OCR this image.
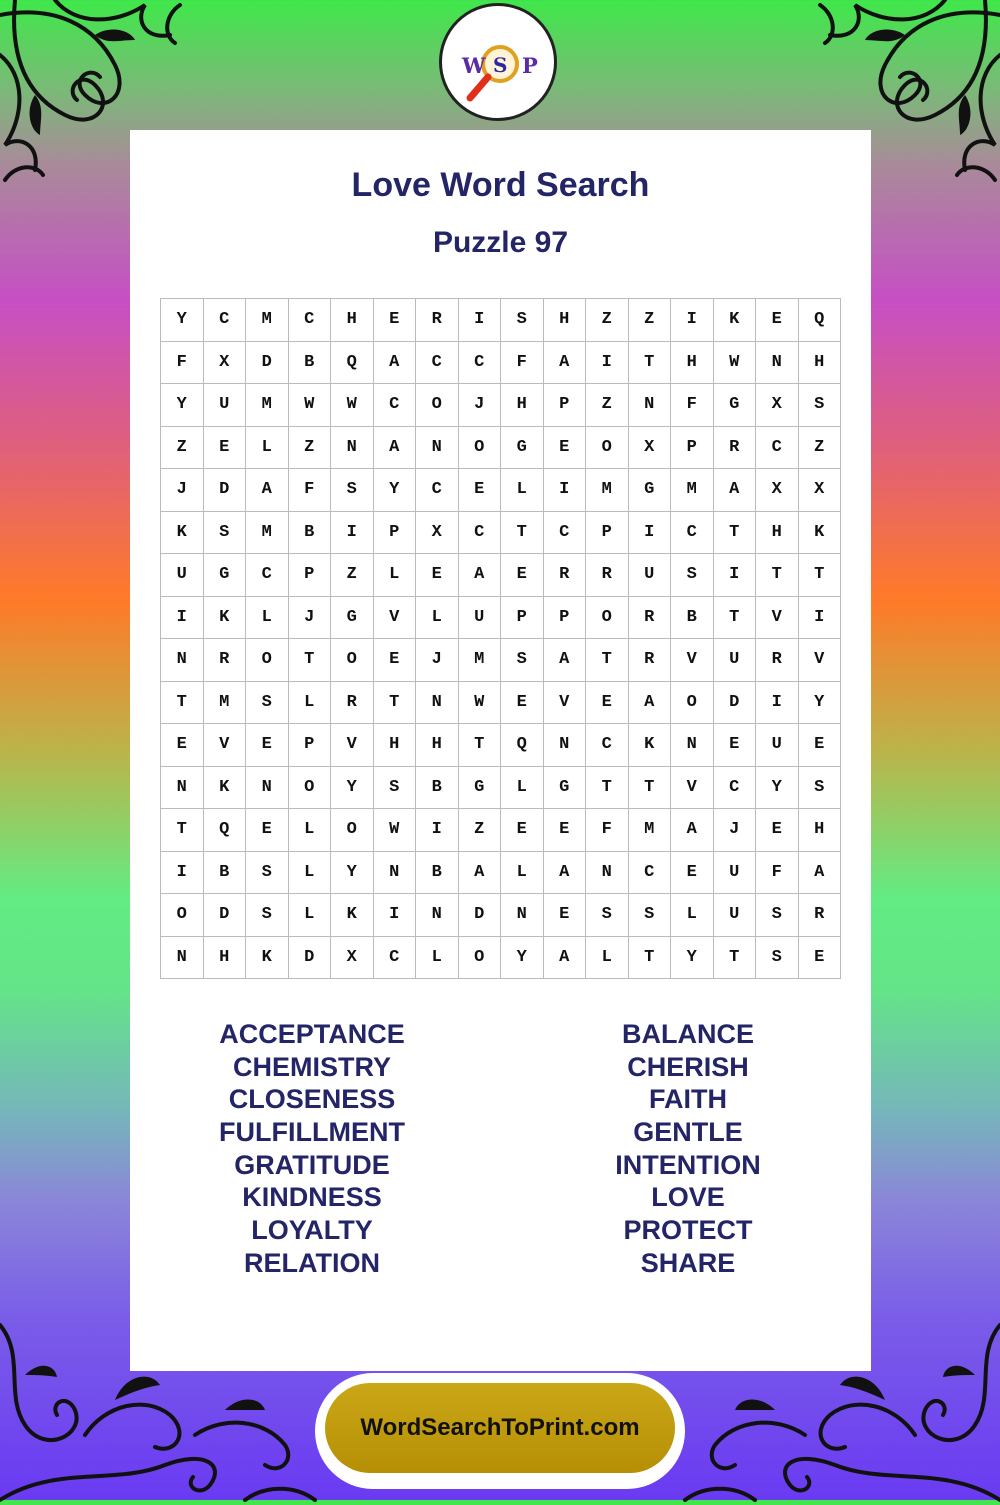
W S P
Love Word Search
Puzzle 97
Y	C	M	C	H	E	R	I	S	H	Z	Z	I	K	E	Q
F	X	D	B	Q	A	C	C	F	A	I	T	H	W	N	H
Y	U	M	W	W	C	O	J	H	P	Z	N	F	G	X	S
Z	E	L	Z	N	A	N	O	G	E	O	X	P	R	C	Z
J	D	A	F	S	Y	C	E	L	I	M	G	M	A	X	X
K	S	M	B	I	P	X	C	T	C	P	I	C	T	H	K
U	G	C	P	Z	L	E	A	E	R	R	U	S	I	T	T
I	K	L	J	G	V	L	U	P	P	O	R	B	T	V	I
N	R	O	T	O	E	J	M	S	A	T	R	V	U	R	V
T	M	S	L	R	T	N	W	E	V	E	A	O	D	I	Y
E	V	E	P	V	H	H	T	Q	N	C	K	N	E	U	E
N	K	N	O	Y	S	B	G	L	G	T	T	V	C	Y	S
T	Q	E	L	O	W	I	Z	E	E	F	M	A	J	E	H
I	B	S	L	Y	N	B	A	L	A	N	C	E	U	F	A
O	D	S	L	K	I	N	D	N	E	S	S	L	U	S	R
N	H	K	D	X	C	L	O	Y	A	L	T	Y	T	S	E
ACCEPTANCE
CHEMISTRY
CLOSENESS
FULFILLMENT
GRATITUDE
KINDNESS
LOYALTY
RELATION
BALANCE
CHERISH
FAITH
GENTLE
INTENTION
LOVE
PROTECT
SHARE
WordSearchToPrint.com
